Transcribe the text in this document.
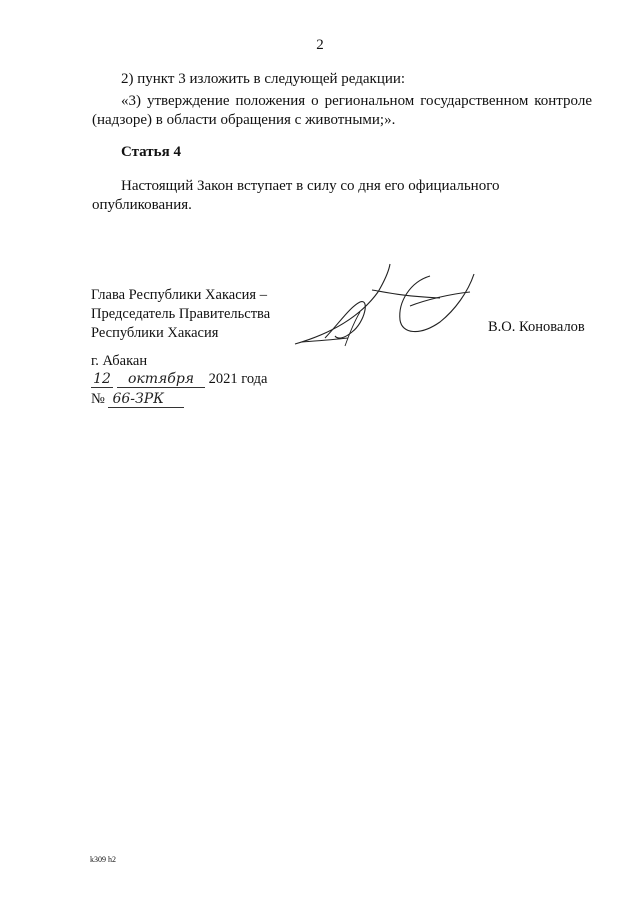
2
2) пункт 3 изложить в следующей редакции:
«3) утверждение положения о региональном государственном контроле (надзоре) в области обращения с животными;».
Статья 4
Настоящий Закон вступает в силу со дня его официального опубликования.
Глава Республики Хакасия –
Председатель Правительства
Республики Хакасия	В.О. Коновалов
г. Абакан
12 октября 2021 года
№ 66-ЗРК
k309 h2
